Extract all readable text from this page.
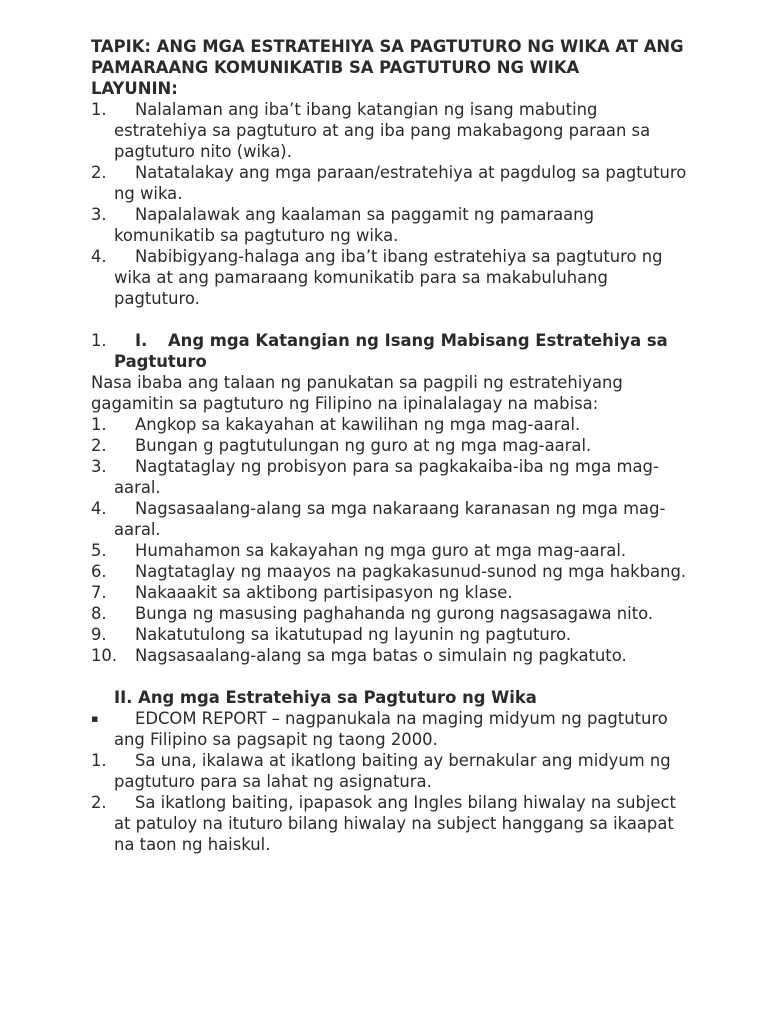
TAPIK: ANG MGA ESTRATEHIYA SA PAGTUTURO NG WIKA AT ANG PAMARAANG KOMUNIKATIB SA PAGTUTURO NG WIKA
LAYUNIN:

1.	Nalalaman ang iba’t ibang katangian ng isang mabuting estratehiya sa pagtuturo at ang iba pang makabagong paraan sa pagtuturo nito (wika).
2.	Natatalakay ang mga paraan/estratehiya at pagdulog sa pagtuturo ng wika.
3.	Napalalawak ang kaalaman sa paggamit ng pamaraang komunikatib sa pagtuturo ng wika.
4.	Nabibigyang-halaga ang iba’t ibang estratehiya sa pagtuturo ng wika at ang pamaraang komunikatib para sa makabuluhang pagtuturo.
1. I. Ang mga Katangian ng Isang Mabisang Estratehiya sa Pagtuturo

Nasa ibaba ang talaan ng panukatan sa pagpili ng estratehiyang gagamitin sa pagtuturo ng Filipino na ipinalalagay na mabisa:

1.	Angkop sa kakayahan at kawilihan ng mga mag-aaral.
2.	Bungan g pagtutulungan ng guro at ng mga mag-aaral.
3.	Nagtataglay ng probisyon para sa pagkakaiba-iba ng mga mag-aaral.
4.	Nagsasaalang-alang sa mga nakaraang karanasan ng mga mag-aaral.
5.	Humahamon sa kakayahan ng mga guro at mga mag-aaral.
6.	Nagtataglay ng maayos na pagkakasunud-sunod ng mga hakbang.
7.	Nakaaakit sa aktibong partisipasyon ng klase.
8.	Bunga ng masusing paghahanda ng gurong nagsasagawa nito.
9.	Nakatutulong sa ikatutupad ng layunin ng pagtuturo.
10. Nagsasaalang-alang sa mga batas o simulain ng pagkatuto.
II. Ang mga Estratehiya sa Pagtuturo ng Wika
▪ EDCOM REPORT – nagpanukala na maging midyum ng pagtuturo ang Filipino sa pagsapit ng taong 2000.
1.	Sa una, ikalawa at ikatlong baiting ay bernakular ang midyum ng pagtuturo para sa lahat ng asignatura.
2.	Sa ikatlong baiting, ipapasok ang Ingles bilang hiwalay na subject at patuloy na ituturo bilang hiwalay na subject hanggang sa ikaapat na taon ng haiskul.
